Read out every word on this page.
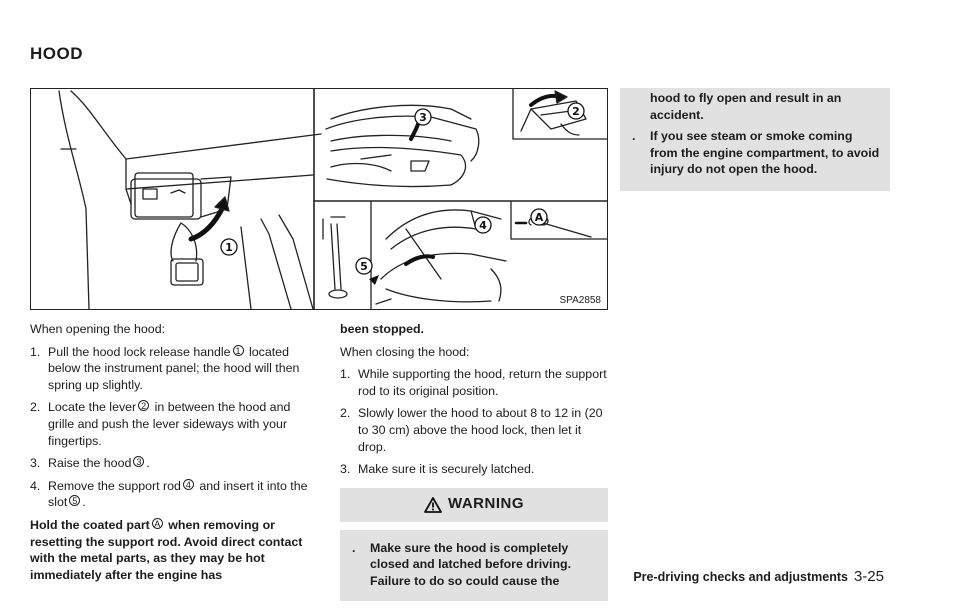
HOOD
1
2
3
4
5
A
SPA2858
When opening the hood:
1. Pull the hood lock release handle 1 located below the instrument panel; the hood will then spring up slightly.
2. Locate the lever 2 in between the hood and grille and push the lever sideways with your fingertips.
3. Raise the hood 3 .
4. Remove the support rod 4 and insert it into the slot 5 .
Hold the coated part A when removing or resetting the support rod. Avoid direct contact with the metal parts, as they may be hot immediately after the engine has
been stopped.
When closing the hood:
1. While supporting the hood, return the support rod to its original position.
2. Slowly lower the hood to about 8 to 12 in (20 to 30 cm) above the hood lock, then let it drop.
3. Make sure it is securely latched.
WARNING
. Make sure the hood is completely closed and latched before driving. Failure to do so could cause the
hood to fly open and result in an accident.
. If you see steam or smoke coming from the engine compartment, to avoid injury do not open the hood.
Pre-driving checks and adjustments 3-25
